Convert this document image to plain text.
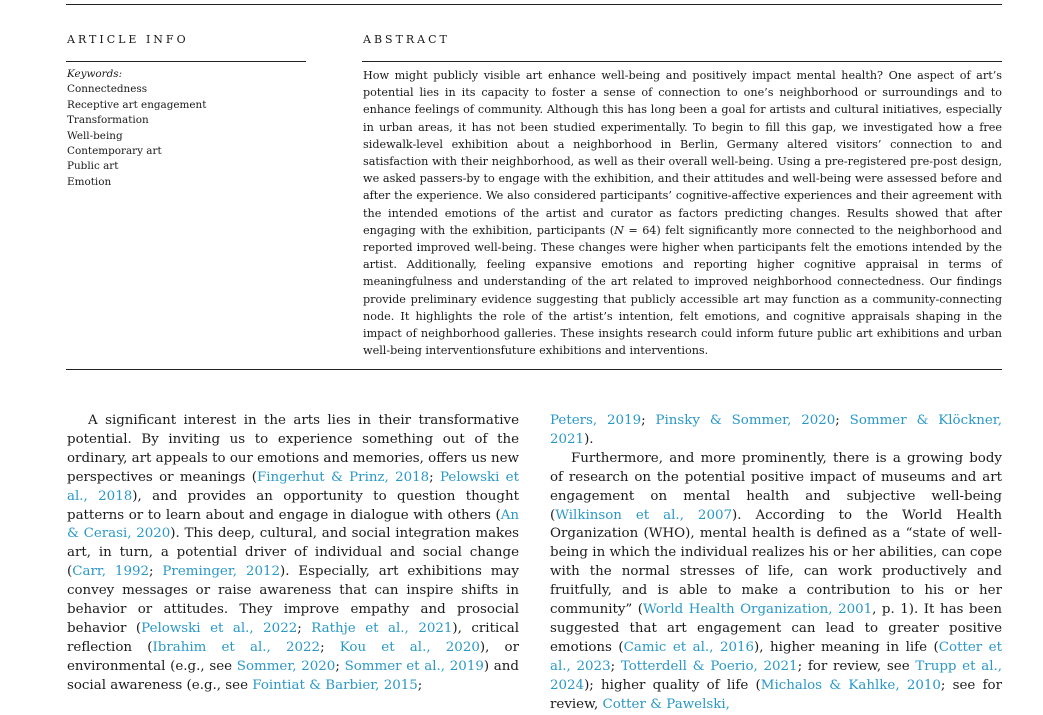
ARTICLE INFO	ABSTRACT
Keywords:
Connectedness
Receptive art engagement
Transformation
Well-being
Contemporary art
Public art
Emotion
How might publicly visible art enhance well-being and positively impact mental health? One aspect of art’s potential lies in its capacity to foster a sense of connection to one’s neighborhood or surroundings and to enhance feelings of community. Although this has long been a goal for artists and cultural initiatives, especially in urban areas, it has not been studied experimentally. To begin to fill this gap, we investigated how a free sidewalk-level exhibition about a neighborhood in Berlin, Germany altered visitors’ connection to and satisfaction with their neighborhood, as well as their overall well-being. Using a pre-registered pre-post design, we asked passers-by to engage with the exhibition, and their attitudes and well-being were assessed before and after the experience. We also considered participants’ cognitive-affective experiences and their agreement with the intended emotions of the artist and curator as factors predicting changes. Results showed that after engaging with the exhibition, participants (N = 64) felt significantly more connected to the neighborhood and reported improved well-being. These changes were higher when participants felt the emotions intended by the artist. Additionally, feeling expansive emotions and reporting higher cognitive appraisal in terms of meaningfulness and understanding of the art related to improved neighborhood connectedness. Our findings provide preliminary evidence suggesting that publicly accessible art may function as a community-connecting node. It highlights the role of the artist’s intention, felt emotions, and cognitive appraisals shaping in the impact of neighborhood galleries. These insights research could inform future public art exhibitions and urban well-being interventionsfuture exhibitions and interventions.
A significant interest in the arts lies in their transformative potential. By inviting us to experience something out of the ordinary, art appeals to our emotions and memories, offers us new perspectives or meanings (Fingerhut & Prinz, 2018; Pelowski et al., 2018), and provides an opportunity to question thought patterns or to learn about and engage in dialogue with others (An & Cerasi, 2020). This deep, cultural, and social integration makes art, in turn, a potential driver of individual and social change (Carr, 1992; Preminger, 2012). Especially, art exhibitions may convey messages or raise awareness that can inspire shifts in behavior or attitudes. They improve empathy and prosocial behavior (Pelowski et al., 2022; Rathje et al., 2021), critical reflection (Ibrahim et al., 2022; Kou et al., 2020), or environmental (e.g., see Sommer, 2020; Sommer et al., 2019) and social awareness (e.g., see Fointiat & Barbier, 2015;
Peters, 2019; Pinsky & Sommer, 2020; Sommer & Klöckner, 2021).
Furthermore, and more prominently, there is a growing body of research on the potential positive impact of museums and art engagement on mental health and subjective well-being (Wilkinson et al., 2007). According to the World Health Organization (WHO), mental health is defined as a “state of well-being in which the individual realizes his or her abilities, can cope with the normal stresses of life, can work productively and fruitfully, and is able to make a contribution to his or her community” (World Health Organization, 2001, p. 1). It has been suggested that art engagement can lead to greater positive emotions (Camic et al., 2016), higher meaning in life (Cotter et al., 2023; Totterdell & Poerio, 2021; for review, see Trupp et al., 2024); higher quality of life (Michalos & Kahlke, 2010; see for review, Cotter & Pawelski,
